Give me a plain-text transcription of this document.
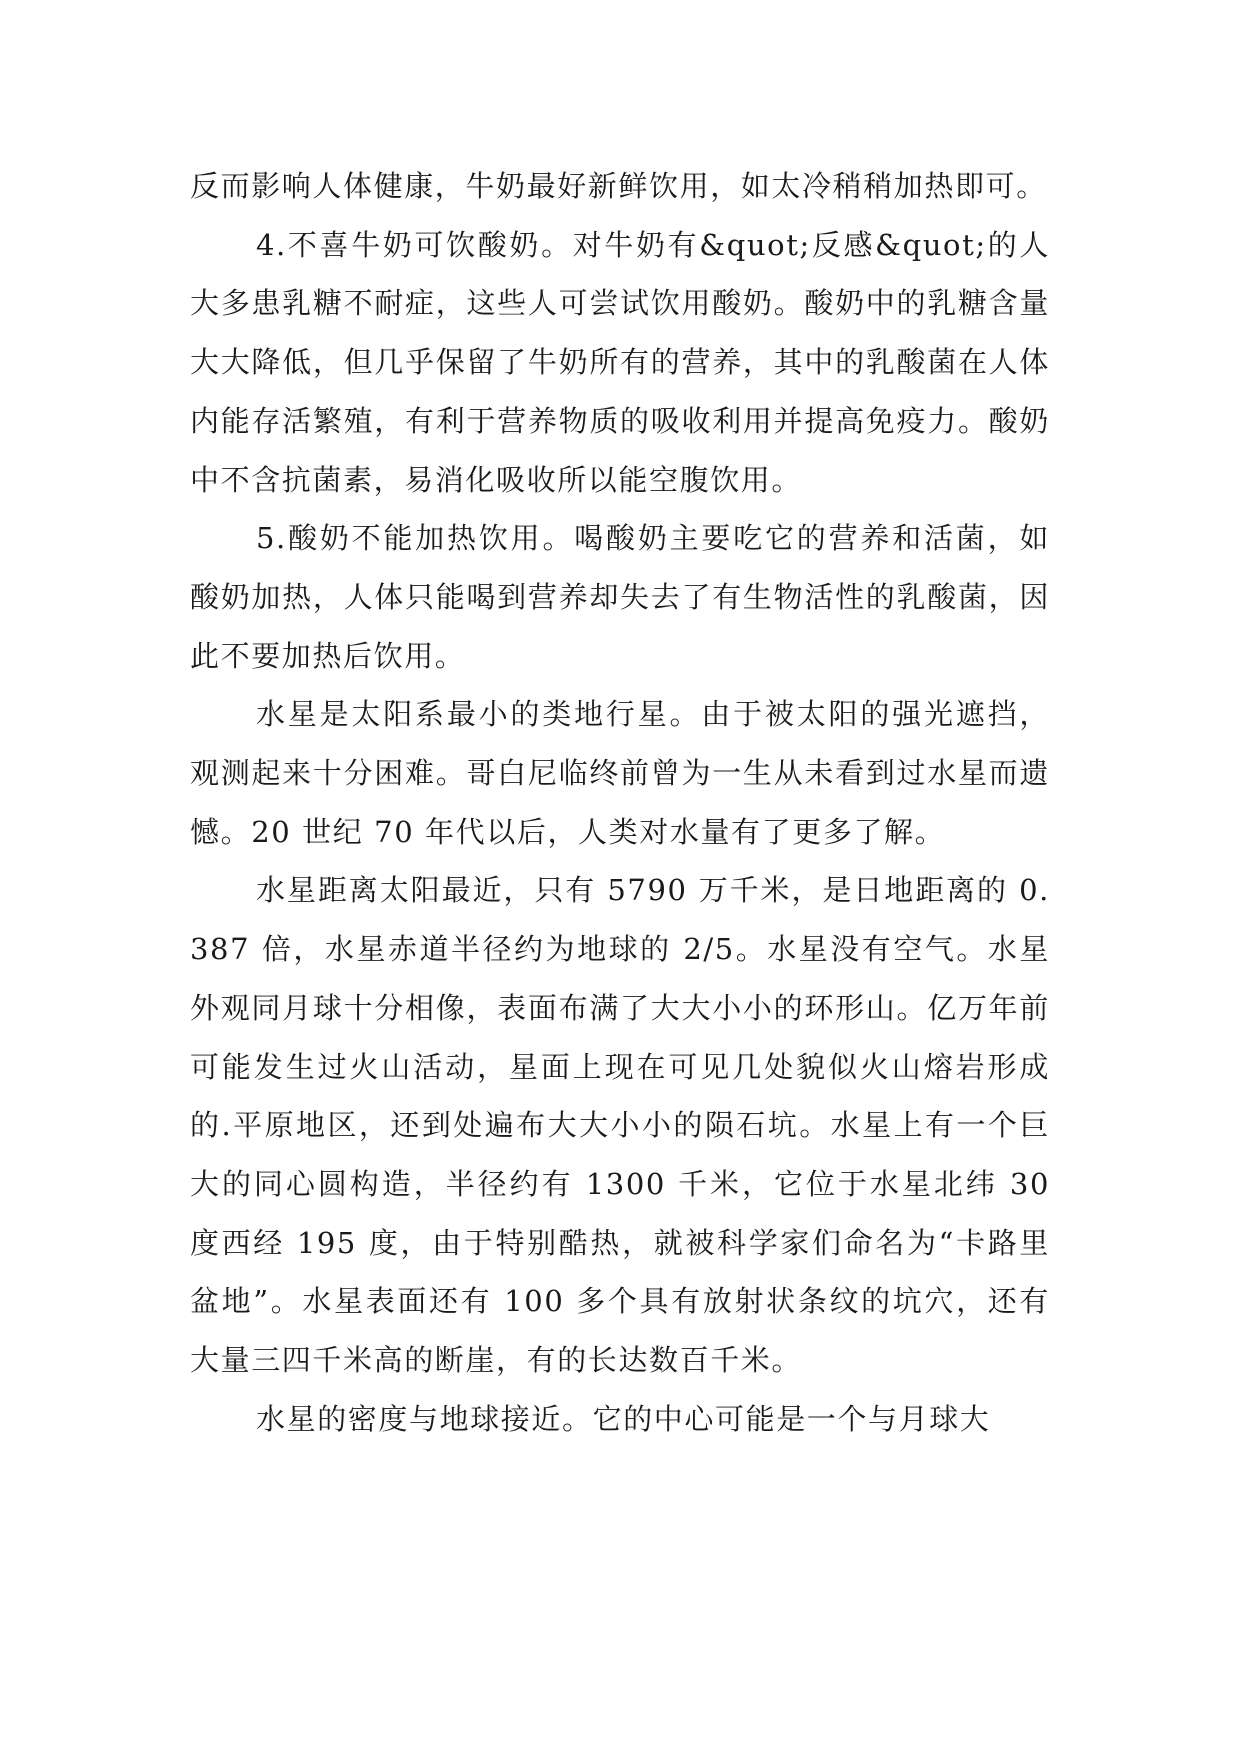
反而影响人体健康，牛奶最好新鲜饮用，如太冷稍稍加热即可。

4.不喜牛奶可饮酸奶。对牛奶有&quot;反感&quot;的人大多患乳糖不耐症，这些人可尝试饮用酸奶。酸奶中的乳糖含量大大降低，但几乎保留了牛奶所有的营养，其中的乳酸菌在人体内能存活繁殖，有利于营养物质的吸收利用并提高免疫力。酸奶中不含抗菌素，易消化吸收所以能空腹饮用。

5.酸奶不能加热饮用。喝酸奶主要吃它的营养和活菌，如酸奶加热，人体只能喝到营养却失去了有生物活性的乳酸菌，因此不要加热后饮用。

水星是太阳系最小的类地行星。由于被太阳的强光遮挡，观测起来十分困难。哥白尼临终前曾为一生从未看到过水星而遗憾。20 世纪 70 年代以后，人类对水量有了更多了解。

水星距离太阳最近，只有 5790 万千米，是日地距离的 0.387 倍，水星赤道半径约为地球的 2/5。水星没有空气。水星外观同月球十分相像，表面布满了大大小小的环形山。亿万年前可能发生过火山活动，星面上现在可见几处貌似火山熔岩形成的.平原地区，还到处遍布大大小小的陨石坑。水星上有一个巨大的同心圆构造，半径约有 1300 千米，它位于水星北纬 30 度西经 195 度，由于特别酷热，就被科学家们命名为“卡路里盆地”。水星表面还有 100 多个具有放射状条纹的坑穴，还有大量三四千米高的断崖，有的长达数百千米。

水星的密度与地球接近。它的中心可能是一个与月球大
